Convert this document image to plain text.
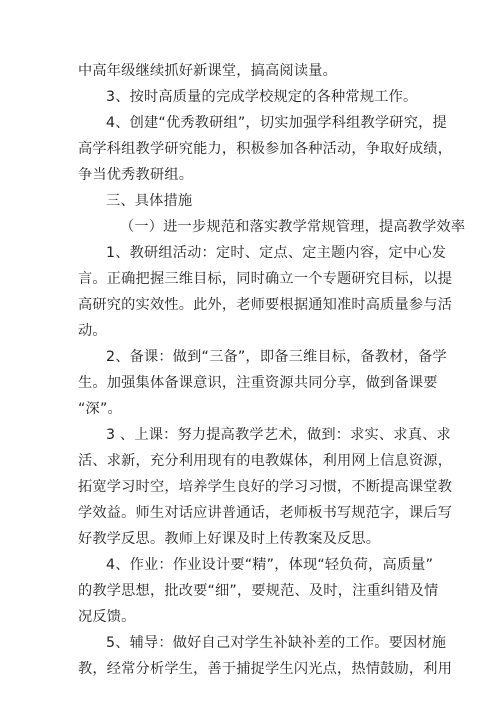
中高年级继续抓好新课堂，搞高阅读量。

3、按时高质量的完成学校规定的各种常规工作。

4、创建“优秀教研组”，切实加强学科组教学研究，提
高学科组教学研究能力，积极参加各种活动，争取好成绩，
争当优秀教研组。

三、具体措施

（一）进一步规范和落实教学常规管理，提高教学效率

1、教研组活动：定时、定点、定主题内容，定中心发
言。正确把握三维目标，同时确立一个专题研究目标，以提
高研究的实效性。此外，老师要根据通知准时高质量参与活
动。

2、备课：做到“三备”，即备三维目标，备教材，备学
生。加强集体备课意识，注重资源共同分享，做到备课要
“深”。

3 、上课：努力提高教学艺术，做到：求实、求真、求
活、求新，充分利用现有的电教媒体，利用网上信息资源，
拓宽学习时空，培养学生良好的学习习惯，不断提高课堂教
学效益。师生对话应讲普通话，老师板书写规范字，课后写
好教学反思。教师上好课及时上传教案及反思。

4、作业：作业设计要“精”，体现“轻负荷，高质量”
的教学思想，批改要“细”，要规范、及时，注重纠错及情
况反馈。

5、辅导：做好自己对学生补缺补差的工作。要因材施
教，经常分析学生，善于捕捉学生闪光点，热情鼓励，利用
